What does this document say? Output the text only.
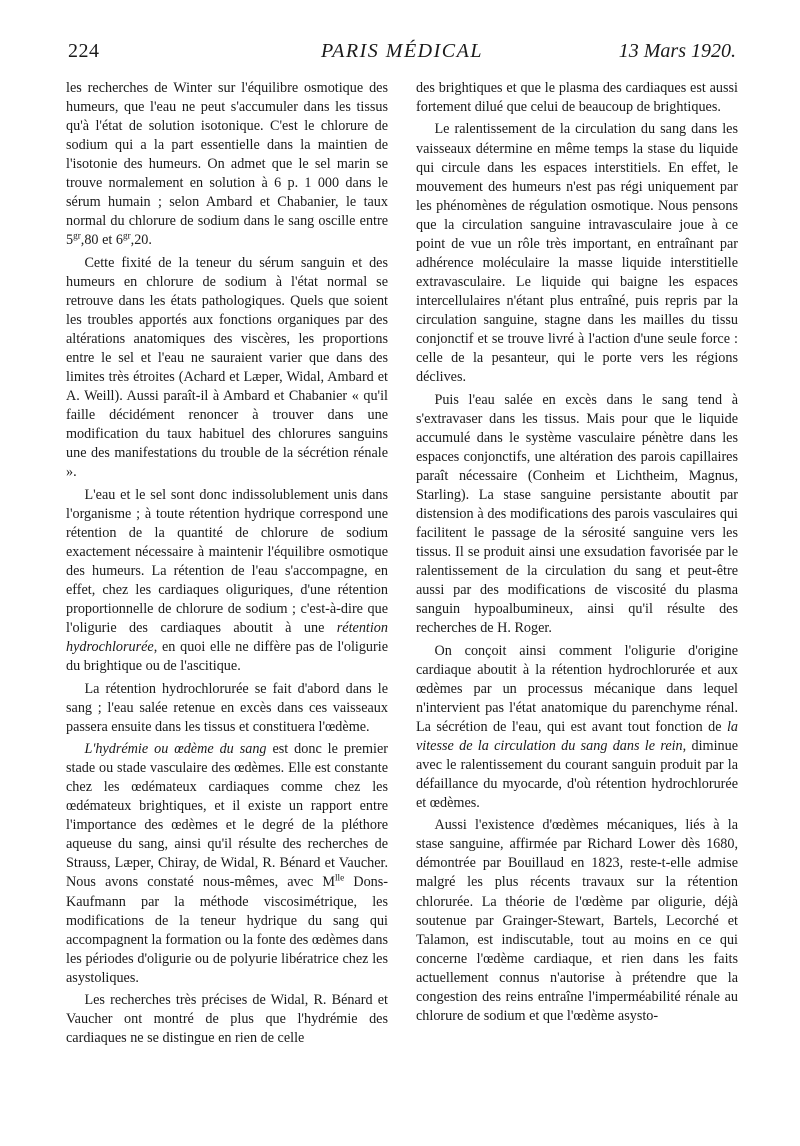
224	PARIS MÉDICAL	13 Mars 1920.

les recherches de Winter sur l'équilibre osmotique des humeurs, que l'eau ne peut s'accumuler dans les tissus qu'à l'état de solution isotonique. C'est le chlorure de sodium qui a la part essentielle dans la maintien de l'isotonie des humeurs. On admet que le sel marin se trouve normalement en solution à 6 p. 1 000 dans le sérum humain ; selon Ambard et Chabanier, le taux normal du chlorure de sodium dans le sang oscille entre $5^{gr},80$ et $6^{gr},20$.

Cette fixité de la teneur du sérum sanguin et des humeurs en chlorure de sodium à l'état normal se retrouve dans les états pathologiques. Quels que soient les troubles apportés aux fonctions organiques par des altérations anatomiques des viscères, les proportions entre le sel et l'eau ne sauraient varier que dans des limites très étroites (Achard et Læper, Widal, Ambard et A. Weill). Aussi paraît-il à Ambard et Chabanier « qu'il faille décidément renoncer à trouver dans une modification du taux habituel des chlorures sanguins une des manifestations du trouble de la sécrétion rénale ».

L'eau et le sel sont donc indissolublement unis dans l'organisme ; à toute rétention hydrique correspond une rétention de la quantité de chlorure de sodium exactement nécessaire à maintenir l'équilibre osmotique des humeurs. La rétention de l'eau s'accompagne, en effet, chez les cardiaques oliguriques, d'une rétention proportionnelle de chlorure de sodium ; c'est-à-dire que l'oligurie des cardiaques aboutit à une rétention hydrochlorurée, en quoi elle ne diffère pas de l'oligurie du brightique ou de l'ascitique.

La rétention hydrochlorurée se fait d'abord dans le sang ; l'eau salée retenue en excès dans ces vaisseaux passera ensuite dans les tissus et constituera l'œdème.

L'hydrémie ou œdème du sang est donc le premier stade ou stade vasculaire des œdèmes. Elle est constante chez les œdémateux cardiaques comme chez les œdémateux brightiques, et il existe un rapport entre l'importance des œdèmes et le degré de la pléthore aqueuse du sang, ainsi qu'il résulte des recherches de Strauss, Læper, Chiray, de Widal, R. Bénard et Vaucher. Nous avons constaté nous-mêmes, avec $M^{lle}$ Dons-Kaufmann par la méthode viscosimétrique, les modifications de la teneur hydrique du sang qui accompagnent la formation ou la fonte des œdèmes dans les périodes d'oligurie ou de polyurie libératrice chez les asystoliques.

Les recherches très précises de Widal, R. Bénard et Vaucher ont montré de plus que l'hydrémie des cardiaques ne se distingue en rien de celle

des brightiques et que le plasma des cardiaques est aussi fortement dilué que celui de beaucoup de brightiques.

Le ralentissement de la circulation du sang dans les vaisseaux détermine en même temps la stase du liquide qui circule dans les espaces interstitiels. En effet, le mouvement des humeurs n'est pas régi uniquement par les phénomènes de régulation osmotique. Nous pensons que la circulation sanguine intravasculaire joue à ce point de vue un rôle très important, en entraînant par adhérence moléculaire la masse liquide interstitielle extravasculaire. Le liquide qui baigne les espaces intercellulaires n'étant plus entraîné, puis repris par la circulation sanguine, stagne dans les mailles du tissu conjonctif et se trouve livré à l'action d'une seule force : celle de la pesanteur, qui le porte vers les régions déclives.

Puis l'eau salée en excès dans le sang tend à s'extravaser dans les tissus. Mais pour que le liquide accumulé dans le système vasculaire pénètre dans les espaces conjonctifs, une altération des parois capillaires paraît nécessaire (Conheim et Lichtheim, Magnus, Starling). La stase sanguine persistante aboutit par distension à des modifications des parois vasculaires qui facilitent le passage de la sérosité sanguine vers les tissus. Il se produit ainsi une exsudation favorisée par le ralentissement de la circulation du sang et peut-être aussi par des modifications de viscosité du plasma sanguin hypoalbumineux, ainsi qu'il résulte des recherches de H. Roger.

On conçoit ainsi comment l'oligurie d'origine cardiaque aboutit à la rétention hydrochlorurée et aux œdèmes par un processus mécanique dans lequel n'intervient pas l'état anatomique du parenchyme rénal. La sécrétion de l'eau, qui est avant tout fonction de la vitesse de la circulation du sang dans le rein, diminue avec le ralentissement du courant sanguin produit par la défaillance du myocarde, d'où rétention hydrochlorurée et œdèmes.

Aussi l'existence d'œdèmes mécaniques, liés à la stase sanguine, affirmée par Richard Lower dès 1680, démontrée par Bouillaud en 1823, reste-t-elle admise malgré les plus récents travaux sur la rétention chlorurée. La théorie de l'œdème par oligurie, déjà soutenue par Grainger-Stewart, Bartels, Lecorché et Talamon, est indiscutable, tout au moins en ce qui concerne l'œdème cardiaque, et rien dans les faits actuellement connus n'autorise à prétendre que la congestion des reins entraîne l'imperméabilité rénale au chlorure de sodium et que l'œdème asysto-
